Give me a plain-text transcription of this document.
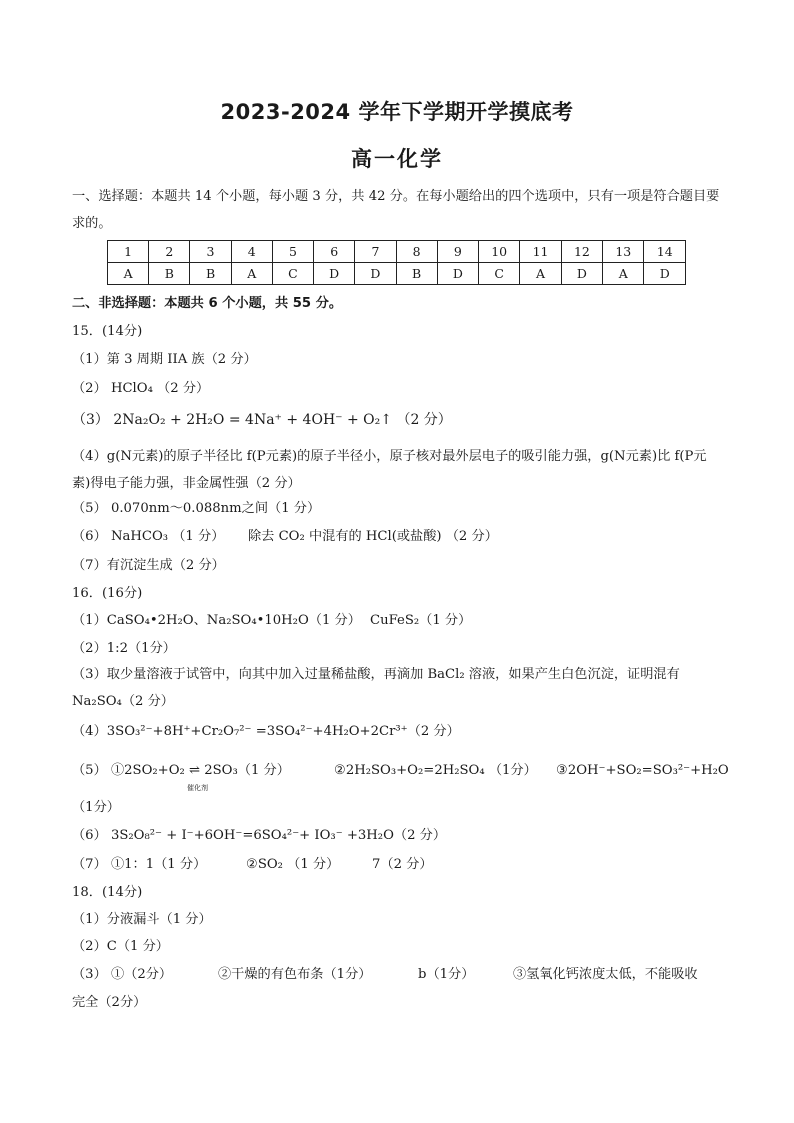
2023-2024 学年下学期开学摸底考
高一化学
一、选择题：本题共 14 个小题，每小题 3 分，共 42 分。在每小题给出的四个选项中，只有一项是符合题目要求的。
1	2	3	4	5	6	7	8	9	10	11	12	13	14
A	B	B	A	C	D	D	B	D	C	A	D	A	D
二、非选择题：本题共 6 个小题，共 55 分。
15．(14分)
（1）第 3 周期 IIA 族（2 分）
（2） HClO₄ （2 分）
（3） 2Na₂O₂ + 2H₂O = 4Na⁺ + 4OH⁻ + O₂↑ （2 分）
（4）g(N元素)的原子半径比 f(P元素)的原子半径小，原子核对最外层电子的吸引能力强，g(N元素)比 f(P元素)得电子能力强，非金属性强（2 分）
（5） 0.070nm～0.088nm之间（1 分）
（6） NaHCO₃ （1 分） 除去 CO₂ 中混有的 HCl(或盐酸) （2 分）
（7）有沉淀生成（2 分）
16．(16分)
（1）CaSO₄•2H₂O、Na₂SO₄•10H₂O（1 分） CuFeS₂（1 分）
（2）1:2（1分）
（3）取少量溶液于试管中，向其中加入过量稀盐酸，再滴加 BaCl₂ 溶液，如果产生白色沉淀，证明混有 Na₂SO₄（2 分）
（4）3SO₃²⁻+8H⁺+Cr₂O₇²⁻ =3SO₄²⁻+4H₂O+2Cr³⁺（2 分）
（5） ①2SO₂+O₂ ⇌ 2SO₃（1 分）
催化剂
②2H₂SO₃+O₂=2H₂SO₄ （1分） ③2OH⁻+SO₂=SO₃²⁻+H₂O
（1分）
（6） 3S₂O₈²⁻ + I⁻+6OH⁻=6SO₄²⁻+ IO₃⁻ +3H₂O（2 分）
（7） ①1：1（1 分）	②SO₂ （1 分） 7（2 分）
18．(14分)
（1）分液漏斗（1 分）
（2）C（1 分）
（3） ①（2分）	②干燥的有色布条（1分）	b（1分）	③氢氧化钙浓度太低，不能吸收
完全（2分）
